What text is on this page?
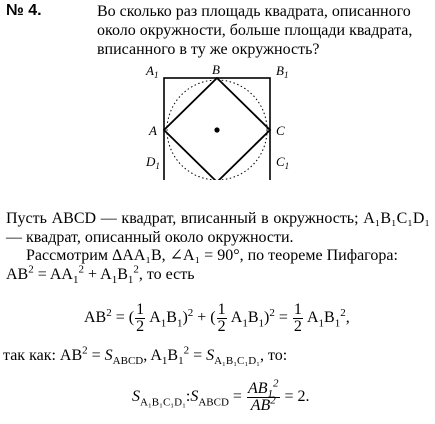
№ 4.	Во сколько раз площадь квадрата, описанного около окружности, больше площади квадрата, вписанного в ту же окружность?
$A_1$	B	$B_1$
A	C
$D_1$	$C_1$
Пусть ABCD — квадрат, вписанный в окружность; A₁B₁C₁D₁ — квадрат, описанный около окружности.
Рассмотрим ΔAA₁B, ∠A₁ = 90°, по теореме Пифагора:
$AB^2 = AA_1^2 + A_1B_1^2$, то есть
$AB^2$ = ( $\frac{1}{2} A_1B_1)^2$ + ( $\frac{1}{2} A_1B_1)^2 = \frac{1}{2} A_1B_1^2$,
так как: $AB^2 = S_{ABCD}$, $A_1B_1^2 = S_{A_1B_1C_1D_1}$, то:
$S_{A_1B_1C_1D_1}:S_{ABCD} = \frac{AB_1^2}{AB^2} = 2$.
